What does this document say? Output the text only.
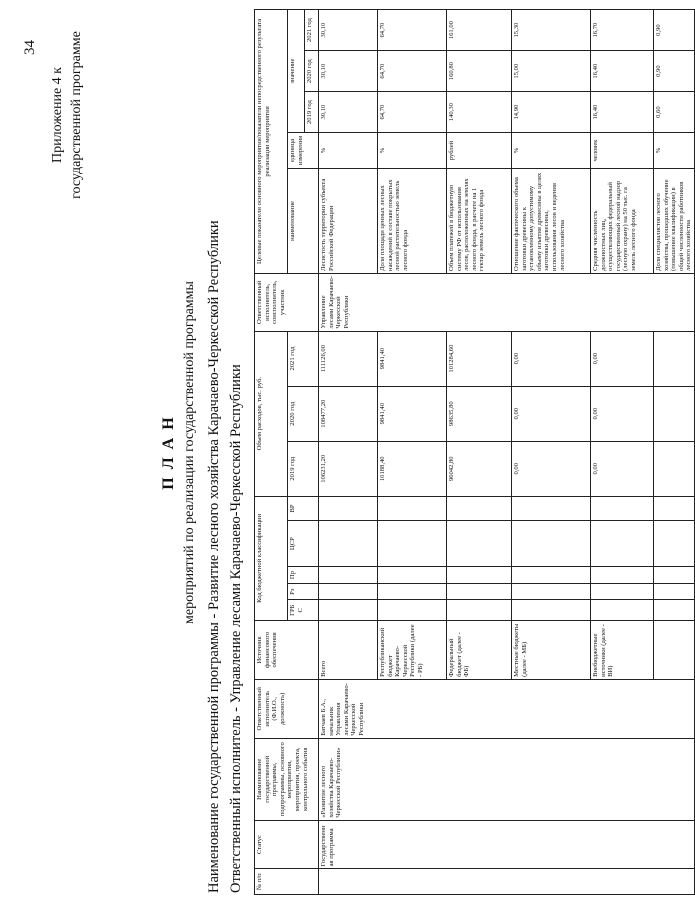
34
Приложение 4 к государственной программе
П Л А Н мероприятий по реализации государственной программы Наименование государственной программы - Развитие лесного хозяйства Карачаево-Черкесской Республики Ответственный исполнитель - Управление лесами Карачаево-Черкесской Республики № п/п	Статус	Наименование государственной программы, подпрограммы, основного мероприятия, мероприятия, проекта, контрольного события	Ответственный исполнитель (Ф.И.О., должность)	Источник финансового обеспечения	Код бюджетной классификации					Объем расходов, тыс. руб.			Ответственный исполнитель, соисполнитель, участник	Целевые показатели основного мероприятия/показатели непосредственного результата реализации мероприятия				
					ГРБС	Рз	Пр	ЦСР	ВР	2019 год	2020 год	2021 год		наименование	единица измерения	значение		
																2019 год	2020 год	2021 год
	Государственная программа	«Развитие лесного хозяйства Карачаево-Черкесской Республики»	Батчаев Б.А., начальник Управления лесами Карачаево-Черкесской Республики	Всего						106231,20	108477,20	111126,00	Управление лесами Карачаево-Черкесской Республики	Лесистость территории субъекта Российской Федерации	%	30,10	30,10	30,10
				Республиканский бюджет Карачаево-Черкесской Республики (далее - РБ)						10188,40	9841,40	9841,40		Доля площади ценных лесных насаждений в составе покрытых лесной растительностью земель лесного фонда	%	64,70	64,70	64,70
				Федеральный бюджет (далее - ФБ)						96042,80	98635,80	101284,60		Объем платежей в бюджетную систему РФ от использования лесов, расположенных на землях лесного фонда, в расчете на 1 гектар земель лесного фонда	рублей	140,30	160,80	161,00
				Местные бюджеты (далее - МБ)						0,00	0,00	0,00		Отношение фактического объема заготовки древесины к установленному допустимому объему изъятия древесины в целях заготовки древесины, использования лесов и ведения лесного хозяйства	%	14,90	15,00	15,30
				Внебюджетные источники (далее - ВИ)						0,00	0,00	0,00		Средняя численность должностных лиц, осуществляющих федеральный государственный лесной надзор (лесную охрану) на 50 тыс. га земель лесного фонда	человек	16,40	16,40	16,70
														Доля специалистов лесного хозяйства, прошедших обучение (повышение квалификации) в общей численности работников лесного хозяйства	%	0,60	0,90	0,90
